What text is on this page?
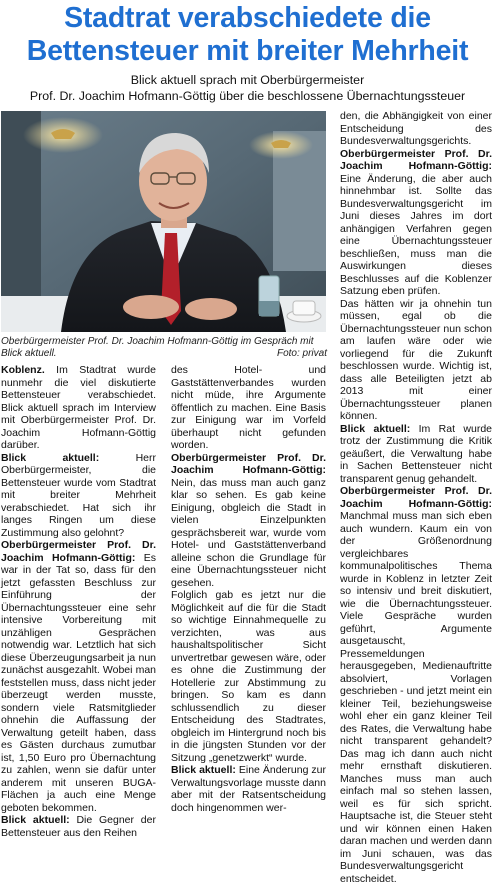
Stadtrat verabschiedete die
Bettensteuer mit breiter Mehrheit
Blick aktuell sprach mit Oberbürgermeister
Prof. Dr. Joachim Hofmann-Göttig über die beschlossene Übernachtungssteuer
Oberbürgermeister Prof. Dr. Joachim Hofmann-Göttig im Gespräch mit Blick aktuell.	Foto: privat

Koblenz. Im Stadtrat wurde nunmehr die viel diskutierte Bettensteuer verabschiedet. Blick aktuell sprach im Interview mit Oberbürgermeister Prof. Dr. Joachim Hofmann-Göttig darüber.

Blick aktuell: Herr Oberbürgermeister, die Bettensteuer wurde vom Stadtrat mit breiter Mehrheit verabschiedet. Hat sich ihr langes Ringen um diese Zustimmung also gelohnt?

Oberbürgermeister Prof. Dr. Joachim Hofmann-Göttig: Es war in der Tat so, dass für den jetzt gefassten Beschluss zur Einführung der Übernachtungssteuer eine sehr intensive Vorbereitung mit unzähligen Gesprächen notwendig war. Letztlich hat sich diese Überzeugungsarbeit ja nun zunächst ausgezahlt. Wobei man feststellen muss, dass nicht jeder überzeugt werden musste, sondern viele Ratsmitglieder ohnehin die Auffassung der Verwaltung geteilt haben, dass es Gästen durchaus zumutbar ist, 1,50 Euro pro Übernachtung zu zahlen, wenn sie dafür unter anderem mit unseren BUGA-Flächen ja auch eine Menge geboten bekommen.

Blick aktuell: Die Gegner der Bettensteuer aus den Reihen

des Hotel- und Gaststättenverbandes wurden nicht müde, ihre Argumente öffentlich zu machen. Eine Basis zur Einigung war im Vorfeld überhaupt nicht gefunden worden.

Oberbürgermeister Prof. Dr. Joachim Hofmann-Göttig: Nein, das muss man auch ganz klar so sehen. Es gab keine Einigung, obgleich die Stadt in vielen Einzelpunkten gesprächsbereit war, wurde vom Hotel- und Gaststättenverband alleine schon die Grundlage für eine Übernachtungssteuer nicht gesehen.

Folglich gab es jetzt nur die Möglichkeit auf die für die Stadt so wichtige Einnahmequelle zu verzichten, was aus haushaltspolitischer Sicht unvertretbar gewesen wäre, oder es ohne die Zustimmung der Hotellerie zur Abstimmung zu bringen. So kam es dann schlussendlich zu dieser Entscheidung des Stadtrates, obgleich im Hintergrund noch bis in die jüngsten Stunden vor der Sitzung „genetzwerkt“ wurde.

Blick aktuell: Eine Änderung zur Verwaltungsvorlage musste dann aber mit der Ratsentscheidung doch hingenommen wer-

den, die Abhängigkeit von einer Entscheidung des Bundesverwaltungsgerichts.

Oberbürgermeister Prof. Dr. Joachim Hofmann-Göttig: Eine Änderung, die aber auch hinnehmbar ist. Sollte das Bundesverwaltungsgericht im Juni dieses Jahres im dort anhängigen Verfahren gegen eine Übernachtungssteuer beschließen, muss man die Auswirkungen dieses Beschlusses auf die Koblenzer Satzung eben prüfen.

Das hätten wir ja ohnehin tun müssen, egal ob die Übernachtungssteuer nun schon am laufen wäre oder wie vorliegend für die Zukunft beschlossen wurde. Wichtig ist, dass alle Beteiligten jetzt ab 2013 mit einer Übernachtungssteuer planen können.

Blick aktuell: Im Rat wurde trotz der Zustimmung die Kritik geäußert, die Verwaltung habe in Sachen Bettensteuer nicht transparent genug gehandelt.

Oberbürgermeister Prof. Dr. Joachim Hofmann-Göttig: Manchmal muss man sich eben auch wundern. Kaum ein von der Größenordnung vergleichbares kommunalpolitisches Thema wurde in Koblenz in letzter Zeit so intensiv und breit diskutiert, wie die Übernachtungssteuer. Viele Gespräche wurden geführt, Argumente ausgetauscht, Pressemeldungen herausgegeben, Medienauftritte absolviert, Vorlagen geschrieben - und jetzt meint ein kleiner Teil, beziehungsweise wohl eher ein ganz kleiner Teil des Rates, die Verwaltung habe nicht transparent gehandelt? Das mag ich dann auch nicht mehr ernsthaft diskutieren. Manches muss man auch einfach mal so stehen lassen, weil es für sich spricht. Hauptsache ist, die Steuer steht und wir können einen Haken daran machen und werden dann im Juni schauen, was das Bundesverwaltungsgericht entscheidet.
